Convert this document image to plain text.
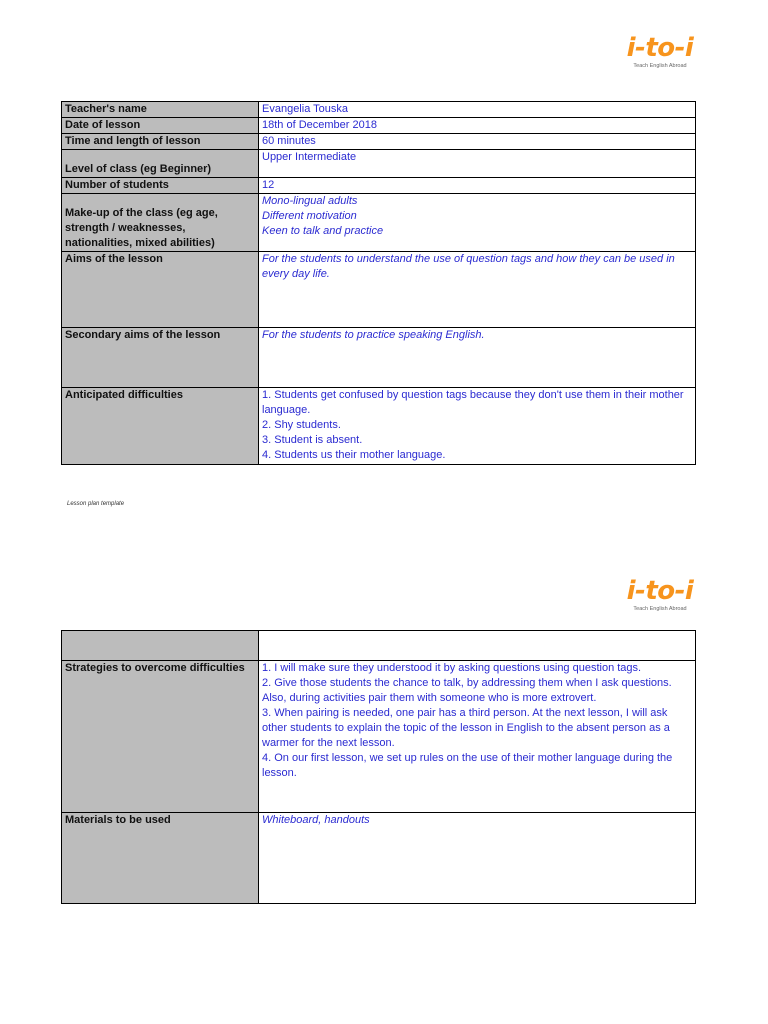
i-to-i
Teach English Abroad
Teacher's name	Evangelia Touska
Date of lesson	18th of December 2018
Time and length of lesson	60 minutes
Level of class (eg Beginner)	Upper Intermediate
Number of students	12
Make-up of the class (eg age, strength / weaknesses, nationalities, mixed abilities)	Mono-lingual adults
Different motivation
Keen to talk and practice

Aims of the lesson	For the students to understand the use of question tags and how they can be used in every day life.
Secondary aims of the lesson	For the students to practice speaking English.
Anticipated difficulties	1. Students get confused by question tags because they don't use them in their mother language.
2. Shy students.
3. Student is absent.
4. Students us their mother language.
Lesson plan template
i-to-i
Teach English Abroad

Strategies to overcome difficulties	1. I will make sure they understood it by asking questions using question tags.
2. Give those students the chance to talk, by addressing them when I ask questions. Also, during activities pair them with someone who is more extrovert.
3. When pairing is needed, one pair has a third person. At the next lesson, I will ask other students to explain the topic of the lesson in English to the absent person as a warmer for the next lesson.
4. On our first lesson, we set up rules on the use of their mother language during the lesson.

Materials to be used	Whiteboard, handouts
